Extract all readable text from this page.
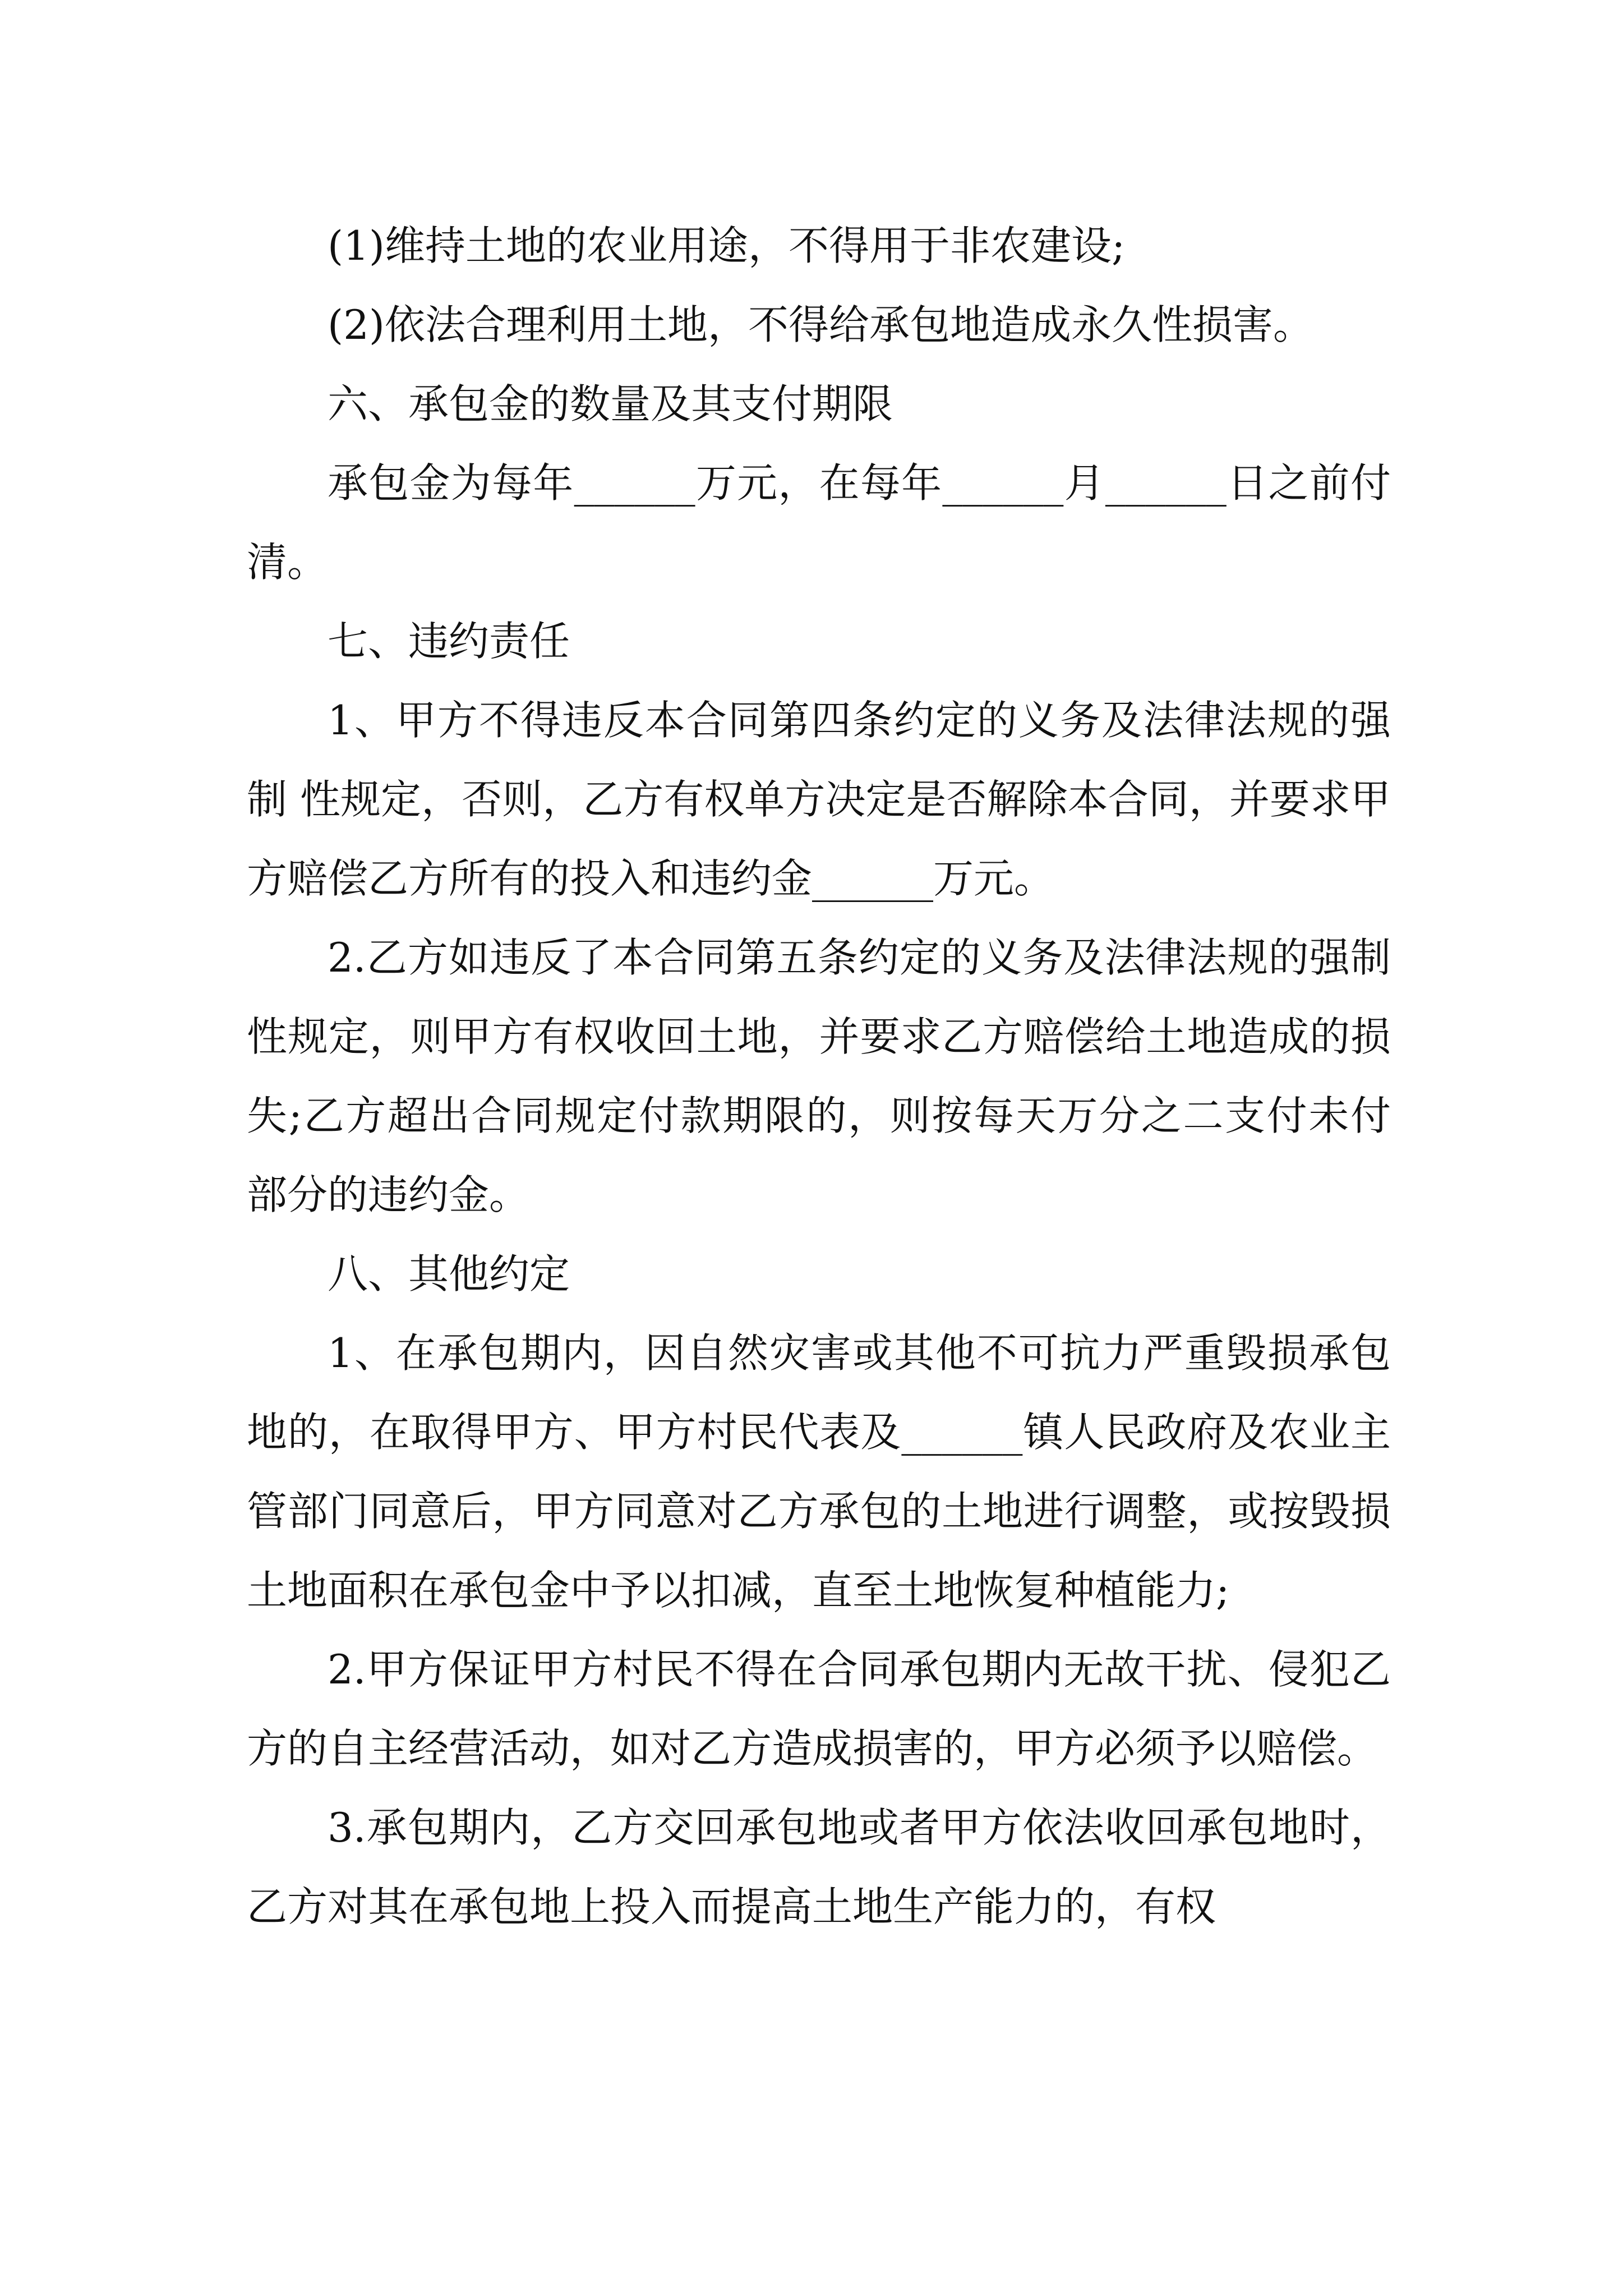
(1)维持土地的农业用途，不得用于非农建设;

(2)依法合理利用土地，不得给承包地造成永久性损害。

六、承包金的数量及其支付期限

承包金为每年______万元，在每年______月______日之前付清。

七、违约责任

1、甲方不得违反本合同第四条约定的义务及法律法规的强制 性规定，否则，乙方有权单方决定是否解除本合同，并要求甲方赔偿乙方所有的投入和违约金______万元。

2.乙方如违反了本合同第五条约定的义务及法律法规的强制性规定，则甲方有权收回土地，并要求乙方赔偿给土地造成的损失;乙方超出合同规定付款期限的，则按每天万分之二支付未付部分的违约金。

八、其他约定

1、在承包期内，因自然灾害或其他不可抗力严重毁损承包地的，在取得甲方、甲方村民代表及______镇人民政府及农业主管部门同意后，甲方同意对乙方承包的土地进行调整，或按毁损土地面积在承包金中予以扣减，直至土地恢复种植能力;

2.甲方保证甲方村民不得在合同承包期内无故干扰、侵犯乙方的自主经营活动，如对乙方造成损害的，甲方必须予以赔偿。

3.承包期内，乙方交回承包地或者甲方依法收回承包地时，乙方对其在承包地上投入而提高土地生产能力的，有权
